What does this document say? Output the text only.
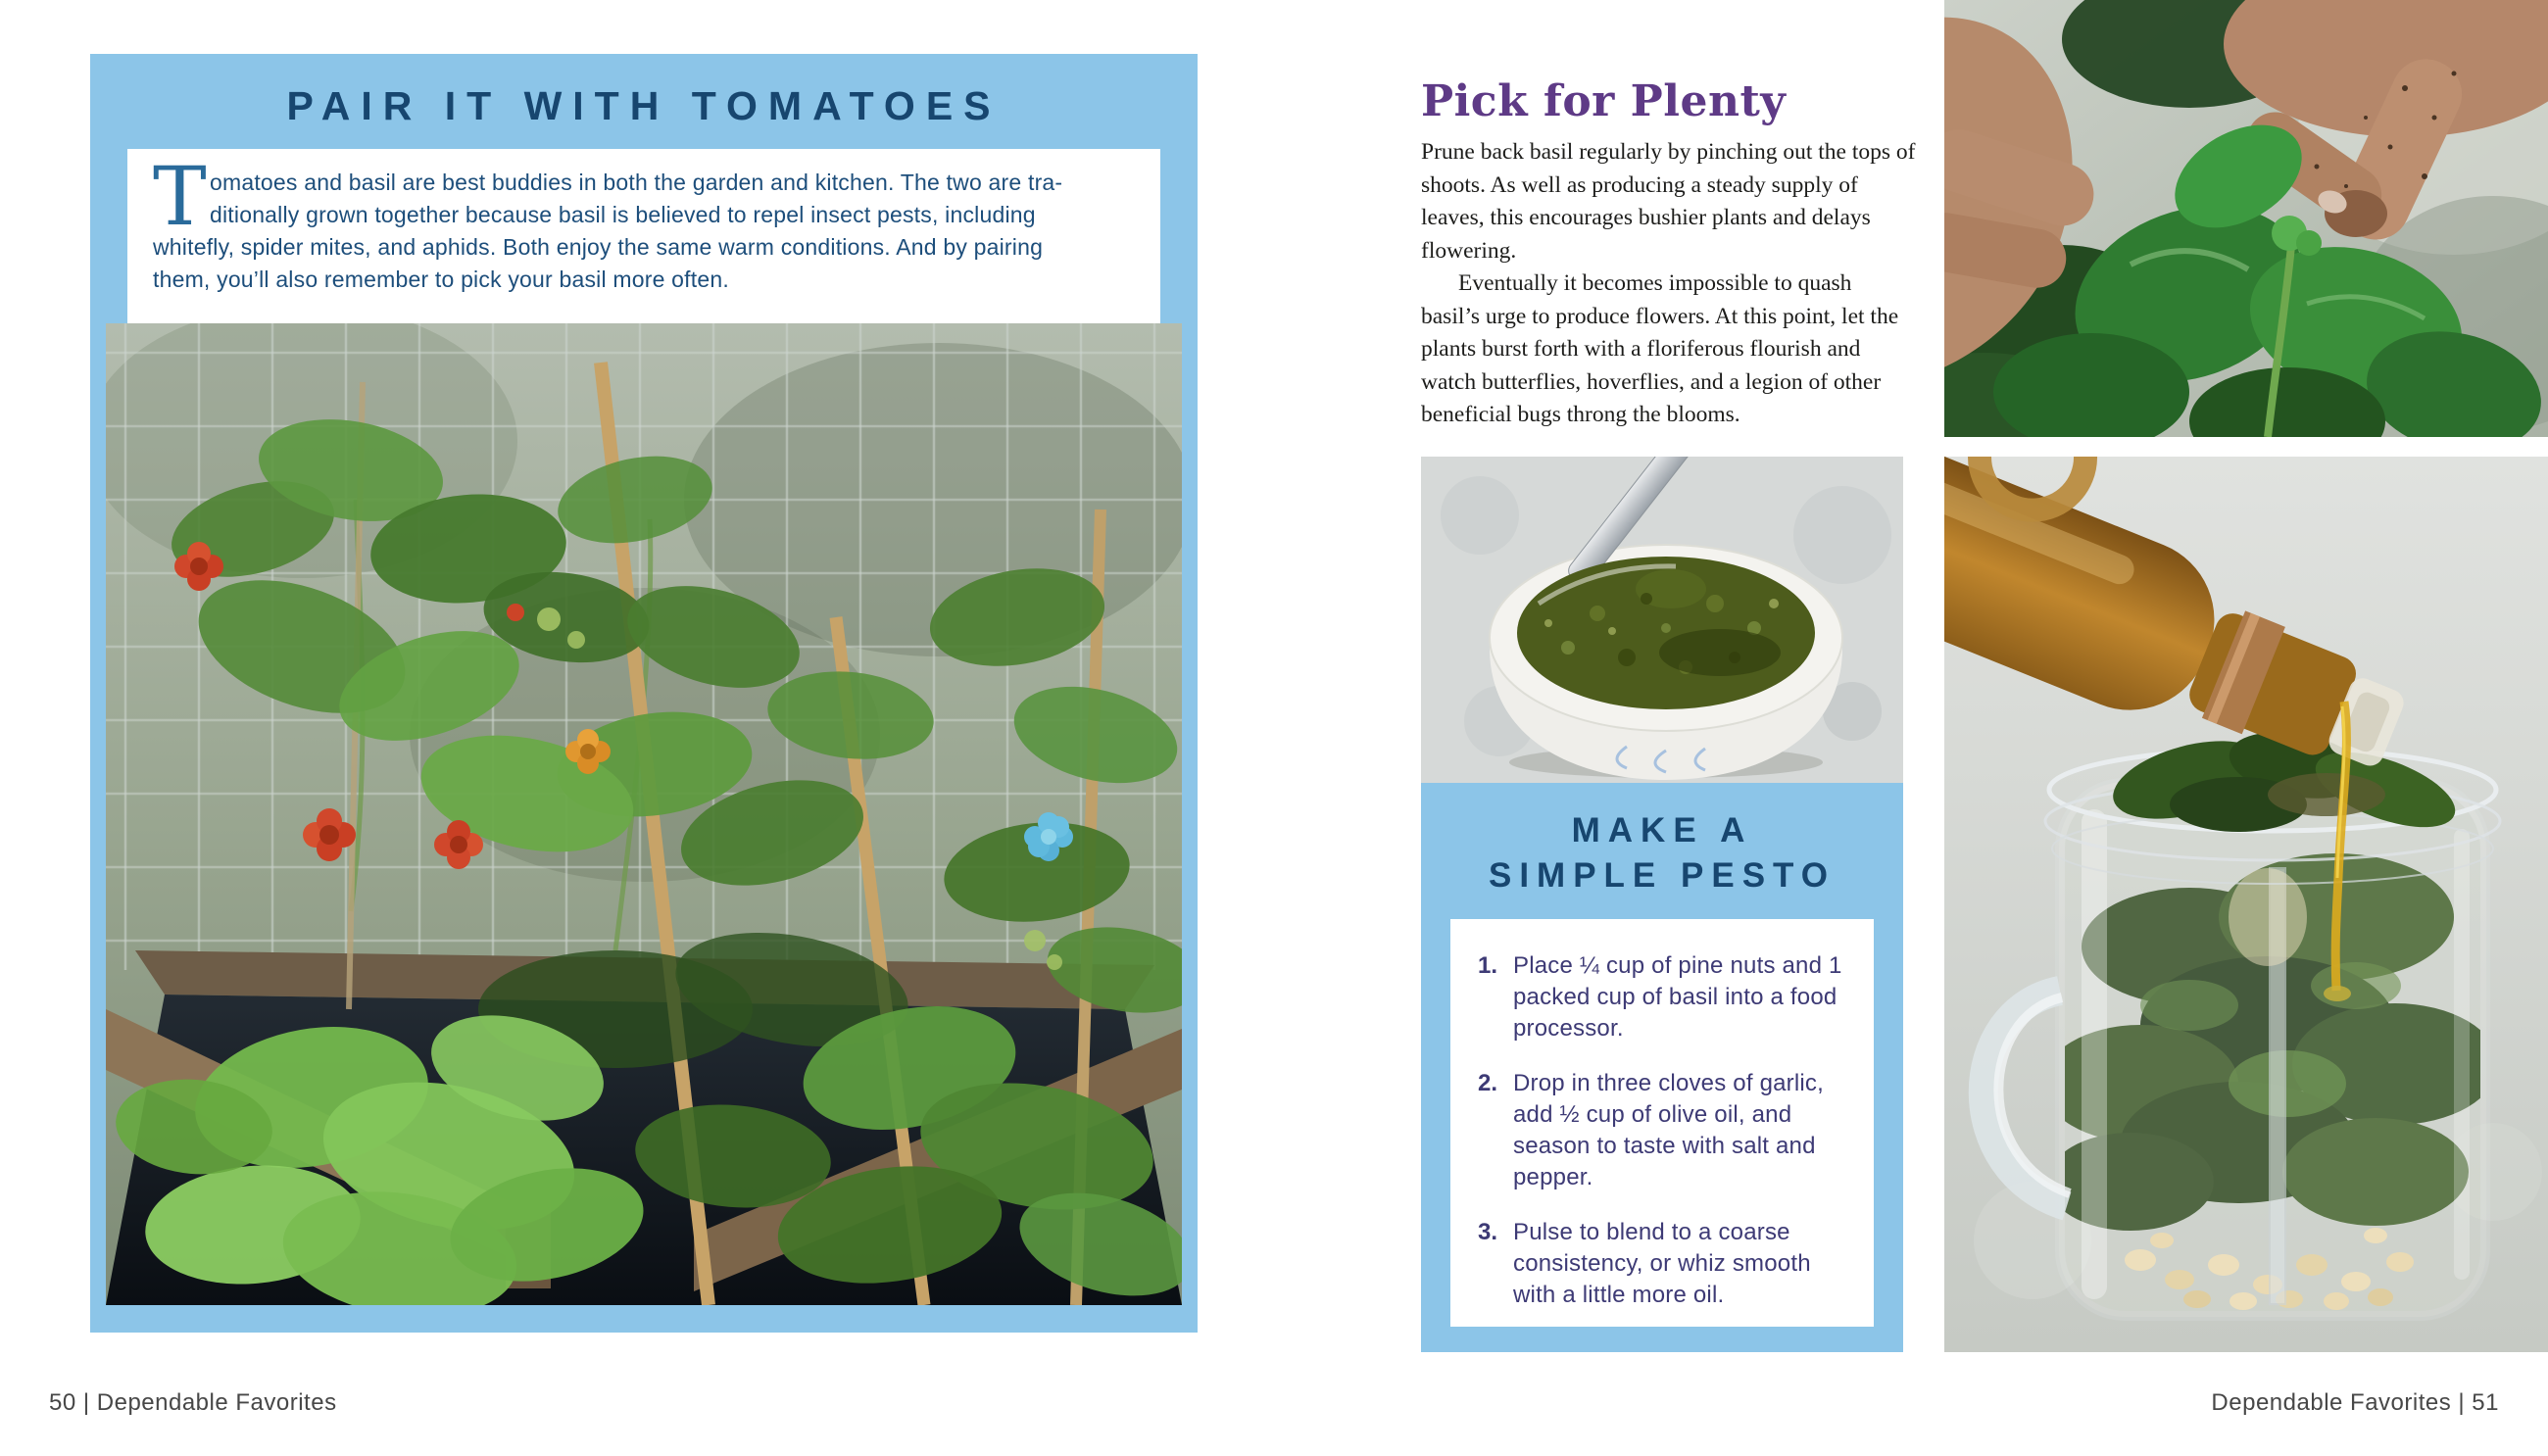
PAIR IT WITH TOMATOES
T omatoes and basil are best buddies in both the garden and kitchen. The two are tra-
ditionally grown together because basil is believed to repel insect pests, including
whitefly, spider mites, and aphids. Both enjoy the same warm conditions. And by pairing
them, you’ll also remember to pick your basil more often.
50 | Dependable Favorites
Pick for Plenty

Prune back basil regularly by pinching out the tops of shoots. As well as producing a steady supply of leaves, this encourages bushier plants and delays flowering.

Eventually it becomes impossible to quash basil’s urge to produce flowers. At this point, let the plants burst forth with a floriferous flourish and watch butterflies, hoverflies, and a legion of other beneficial bugs throng the blooms.

MAKE A
SIMPLE PESTO
1. Place ¼ cup of pine nuts and 1 packed cup of basil into a food processor.
2. Drop in three cloves of garlic, add ½ cup of olive oil, and season to taste with salt and pepper.
3. Pulse to blend to a coarse consistency, or whiz smooth with a little more oil.
Dependable Favorites | 51
